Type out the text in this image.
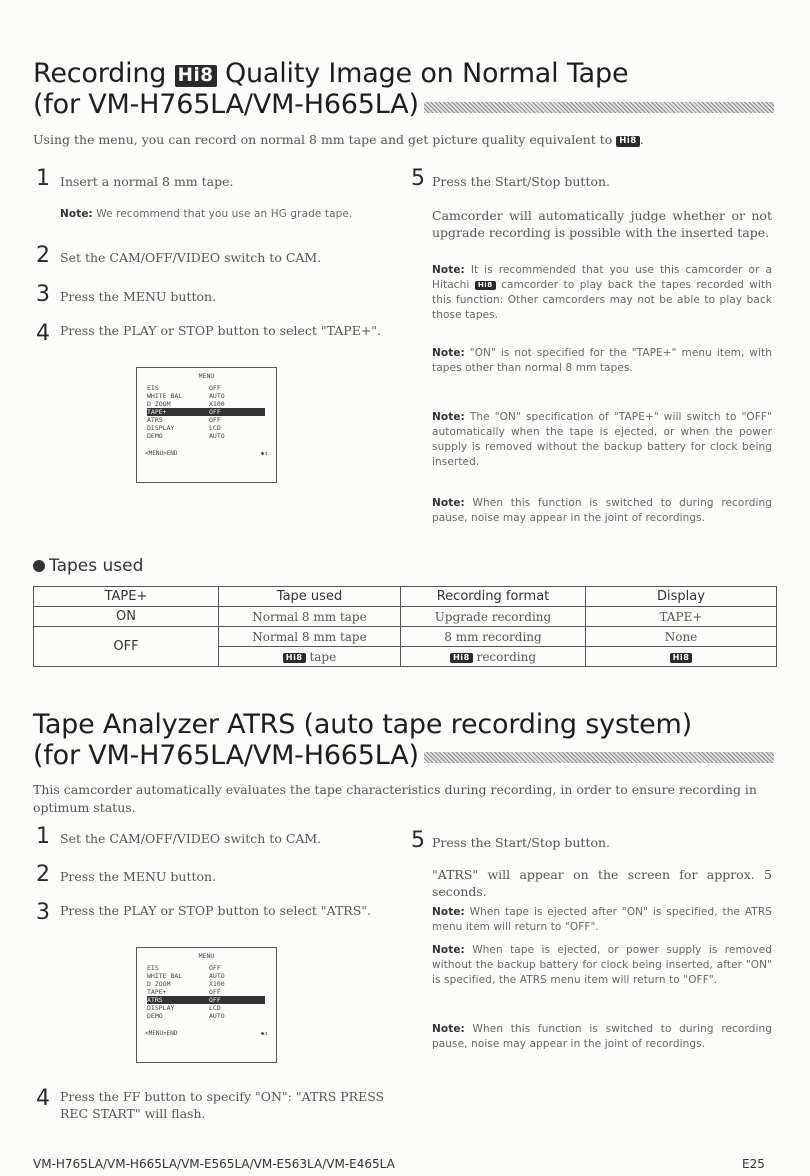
Recording Hi8 Quality Image on Normal Tape
(for VM-H765LA/VM-H665LA)
Using the menu, you can record on normal 8 mm tape and get picture quality equivalent to Hi8 .
1 Insert a normal 8 mm tape.
Note: We recommend that you use an HG grade tape.
2 Set the CAM/OFF/VIDEO switch to CAM.
3 Press the MENU button.
4 Press the PLAY or STOP button to select "TAPE+".
MENU
EIS	OFF
WHITE BAL	AUTO
D ZOOM	X100
TAPE+	OFF
ATRS	OFF
DISPLAY	LCD
DEMO	AUTO
<MENU>END	◆↕
5 Press the Start/Stop button.
Camcorder will automatically judge whether or not upgrade recording is possible with the inserted tape.
Note: It is recommended that you use this camcorder or a Hitachi Hi8 camcorder to play back the tapes recorded with this function: Other camcorders may not be able to play back those tapes.
Note: "ON" is not specified for the "TAPE+" menu item, with tapes other than normal 8 mm tapes.
Note: The "ON" specification of "TAPE+" will switch to "OFF" automatically when the tape is ejected, or when the power supply is removed without the backup battery for clock being inserted.
Note: When this function is switched to during recording pause, noise may appear in the joint of recordings.
Tapes used
TAPE+	Tape used	Recording format	Display
ON	Normal 8 mm tape	Upgrade recording	TAPE+
OFF	Normal 8 mm tape	8 mm recording	None
	Hi8 tape	Hi8 recording	Hi8
Tape Analyzer ATRS (auto tape recording system)
(for VM-H765LA/VM-H665LA)
This camcorder automatically evaluates the tape characteristics during recording, in order to ensure recording in optimum status.
1 Set the CAM/OFF/VIDEO switch to CAM.
2 Press the MENU button.
3 Press the PLAY or STOP button to select "ATRS".
MENU
EIS	OFF
WHITE BAL	AUTO
D ZOOM	X100
TAPE+	OFF
ATRS	OFF
DISPLAY	LCD
DEMO	AUTO
<MENU>END	◆↕
4 Press the FF button to specify "ON": "ATRS PRESS REC START" will flash.
5 Press the Start/Stop button.
"ATRS" will appear on the screen for approx. 5 seconds.
Note: When tape is ejected after "ON" is specified, the ATRS menu item will return to "OFF".
Note: When tape is ejected, or power supply is removed without the backup battery for clock being inserted, after "ON" is specified, the ATRS menu item will return to "OFF".
Note: When this function is switched to during recording pause, noise may appear in the joint of recordings.
VM-H765LA/VM-H665LA/VM-E565LA/VM-E563LA/VM-E465LA	E25
